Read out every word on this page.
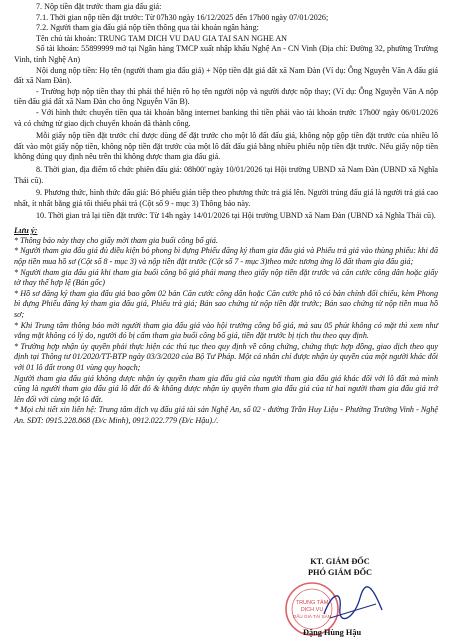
7. Nộp tiền đặt trước tham gia đấu giá:

7.1. Thời gian nộp tiền đặt trước: Từ 07h30 ngày 16/12/2025 đến 17h00 ngày 07/01/2026;

7.2. Người tham gia đấu giá nộp tiền thông qua tài khoản ngân hàng:

Tên chủ tài khoản: TRUNG TAM DICH VU DAU GIA TAI SAN NGHE AN

Số tài khoản: 55899999 mở tại Ngân hàng TMCP xuất nhập khẩu Nghệ An - CN Vinh (Địa chỉ: Đường 32, phường Trường Vinh, tỉnh Nghệ An)

Nội dung nộp tiền: Họ tên (người tham gia đấu giá) + Nộp tiền đặt giá đất xã Nam Đàn (Ví dụ: Ông Nguyễn Văn A đấu giá đất xã Nam Đàn).

- Trường hợp nộp tiền thay thì phải thể hiện rõ họ tên người nộp và người được nộp thay; (Ví dụ: Ông Nguyễn Văn A nộp tiền đấu giá đất xã Nam Đàn cho ông Nguyễn Văn B).

- Với hình thức chuyển tiền qua tài khoản bằng internet banking thì tiền phải vào tài khoản trước 17h00' ngày 06/01/2026 và có chứng từ giao dịch chuyển khoản đã thành công.

Mỗi giấy nộp tiền đặt trước chỉ được dùng để đặt trước cho một lô đất đấu giá, không nộp gộp tiền đặt trước của nhiều lô đất vào một giấy nộp tiền, không nộp tiền đặt trước của một lô đất đấu giá bằng nhiều phiếu nộp tiền đặt trước. Nếu giấy nộp tiền không đúng quy định nêu trên thì không được tham gia đấu giá.

8. Thời gian, địa điểm tổ chức phiên đấu giá: 08h00' ngày 10/01/2026 tại Hội trường UBND xã Nam Đàn (UBND xã Nghĩa Thái cũ).

9. Phương thức, hình thức đấu giá: Bỏ phiếu gián tiếp theo phương thức trả giá lên. Người trúng đấu giá là người trả giá cao nhất, ít nhất bằng giá tối thiểu phải trả (Cột số 9 - mục 3) Thông báo này.

10. Thời gian trả lại tiền đặt trước: Từ 14h ngày 14/01/2026 tại Hội trường UBND xã Nam Đàn (UBND xã Nghĩa Thái cũ).

Lưu ý:

* Thông báo này thay cho giấy mời tham gia buổi công bố giá.

* Người tham gia đấu giá đủ điều kiện bỏ phong bì đựng Phiếu đăng ký tham gia đấu giá và Phiếu trả giá vào thùng phiếu: khi đã nộp tiền mua hồ sơ (Cột số 8 - mục 3) và nộp tiền đặt trước (Cột số 7 - mục 3)theo mức tương ứng lô đất tham gia đấu giá;

* Người tham gia đấu giá khi tham gia buổi công bố giá phải mang theo giấy nộp tiền đặt trước và căn cước công dân hoặc giấy tờ thay thế hợp lệ (Bản gốc)

* Hồ sơ đăng ký tham gia đấu giá bao gồm 02 bản Căn cước công dân hoặc Căn cước phô tô có bản chính đối chiếu, kèm Phong bì đựng Phiếu đăng ký tham gia đấu giá, Phiếu trả giá; Bản sao chứng từ nộp tiền đặt trước; Bản sao chứng từ nộp tiền mua hồ sơ;

* Khi Trung tâm thông báo mời người tham gia đấu giá vào hội trường công bố giá, mà sau 05 phút không có mặt thì xem như vắng mặt không có lý do, người đó bị cấm tham gia buổi công bố giá, tiền đặt trước bị tịch thu theo quy định.

* Trường hợp nhận ủy quyền phải thực hiện các thủ tục theo quy định về công chứng, chứng thực hợp đồng, giao dịch theo quy định tại Thông tư 01/2020/TT-BTP ngày 03/3/2020 của Bộ Tư Pháp. Một cá nhân chỉ được nhận ủy quyền của một người khác đối với 01 lô đất trong 01 vùng quy hoạch;

Người tham gia đấu giá không được nhận ủy quyền tham gia đấu giá của người tham gia đấu giá khác đối với lô đất mà mình cũng là người tham gia đấu giá lô đất đó & không được nhận ủy quyền tham gia đấu giá của từ hai người tham gia đấu giá trở lên đối với cùng một lô đất.

* Mọi chi tiết xin liên hệ: Trung tâm dịch vụ đấu giá tài sản Nghệ An, số 02 - đường Trần Huy Liệu - Phường Trường Vinh - Nghệ An. SĐT: 0915.228.868 (Đ/c Minh), 0912.022.779 (Đ/c Hậu)./.

KT. GIÁM ĐỐC
PHÓ GIÁM ĐỐC
TRUNG TÂM
DỊCH VỤ
ĐẤU GIÁ TÀI SẢN
Đặng Hùng Hậu
